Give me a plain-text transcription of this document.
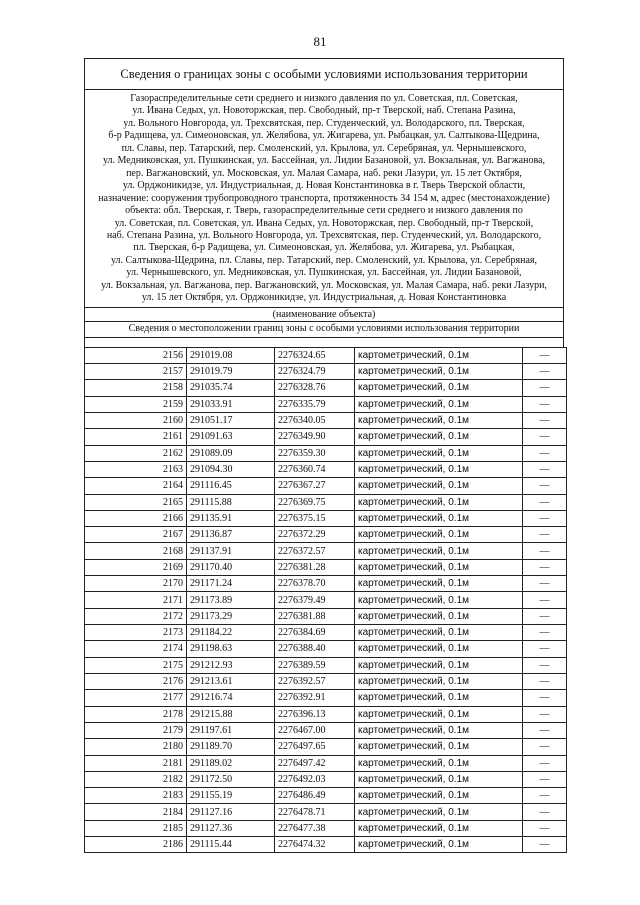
81
Сведения о границах зоны с особыми условиями использования территории
Газораспределительные сети среднего и низкого давления по ул. Советская, пл. Советская,
ул. Ивана Седых, ул. Новоторжская, пер. Свободный, пр-т Тверской, наб. Степана Разина,
ул. Вольного Новгорода, ул. Трехсвятская, пер. Студенческий, ул. Володарского, пл. Тверская,
б-р Радищева, ул. Симеоновская, ул. Желябова, ул. Жигарева, ул. Рыбацкая, ул. Салтыкова-Щедрина,
пл. Славы, пер. Татарский, пер. Смоленский, ул. Крылова, ул. Серебряная, ул. Чернышевского,
ул. Медниковская, ул. Пушкинская, ул. Бассейная, ул. Лидии Базановой, ул. Вокзальная, ул. Вагжанова,
пер. Вагжановский, ул. Московская, ул. Малая Самара, наб. реки Лазури, ул. 15 лет Октября,
ул. Орджоникидзе, ул. Индустриальная, д. Новая Константиновка в г. Тверь Тверской области,
назначение: сооружения трубопроводного транспорта, протяженность 34 154 м, адрес (местонахождение)
объекта: обл. Тверская, г. Тверь, газораспределительные сети среднего и низкого давления по
ул. Советская, пл. Советская, ул. Ивана Седых, ул. Новоторжская, пер. Свободный, пр-т Тверской,
наб. Степана Разина, ул. Вольного Новгорода, ул. Трехсвятская, пер. Студенческий, ул. Володарского,
пл. Тверская, б-р Радищева, ул. Симеоновская, ул. Желябова, ул. Жигарева, ул. Рыбацкая,
ул. Салтыкова-Щедрина, пл. Славы, пер. Татарский, пер. Смоленский, ул. Крылова, ул. Серебряная,
ул. Чернышевского, ул. Медниковская, ул. Пушкинская, ул. Бассейная, ул. Лидии Базановой,
ул. Вокзальная, ул. Вагжанова, пер. Вагжановский, ул. Московская, ул. Малая Самара, наб. реки Лазури,
ул. 15 лет Октября, ул. Орджоникидзе, ул. Индустриальная, д. Новая Константиновка
(наименование объекта)
Сведения о местоположении границ зоны с особыми условиями использования территории
2156	291019.08	2276324.65	картометрический, 0.1м	—
2157	291019.79	2276324.79	картометрический, 0.1м	—
2158	291035.74	2276328.76	картометрический, 0.1м	—
2159	291033.91	2276335.79	картометрический, 0.1м	—
2160	291051.17	2276340.05	картометрический, 0.1м	—
2161	291091.63	2276349.90	картометрический, 0.1м	—
2162	291089.09	2276359.30	картометрический, 0.1м	—
2163	291094.30	2276360.74	картометрический, 0.1м	—
2164	291116.45	2276367.27	картометрический, 0.1м	—
2165	291115.88	2276369.75	картометрический, 0.1м	—
2166	291135.91	2276375.15	картометрический, 0.1м	—
2167	291136.87	2276372.29	картометрический, 0.1м	—
2168	291137.91	2276372.57	картометрический, 0.1м	—
2169	291170.40	2276381.28	картометрический, 0.1м	—
2170	291171.24	2276378.70	картометрический, 0.1м	—
2171	291173.89	2276379.49	картометрический, 0.1м	—
2172	291173.29	2276381.88	картометрический, 0.1м	—
2173	291184.22	2276384.69	картометрический, 0.1м	—
2174	291198.63	2276388.40	картометрический, 0.1м	—
2175	291212.93	2276389.59	картометрический, 0.1м	—
2176	291213.61	2276392.57	картометрический, 0.1м	—
2177	291216.74	2276392.91	картометрический, 0.1м	—
2178	291215.88	2276396.13	картометрический, 0.1м	—
2179	291197.61	2276467.00	картометрический, 0.1м	—
2180	291189.70	2276497.65	картометрический, 0.1м	—
2181	291189.02	2276497.42	картометрический, 0.1м	—
2182	291172.50	2276492.03	картометрический, 0.1м	—
2183	291155.19	2276486.49	картометрический, 0.1м	—
2184	291127.16	2276478.71	картометрический, 0.1м	—
2185	291127.36	2276477.38	картометрический, 0.1м	—
2186	291115.44	2276474.32	картометрический, 0.1м	—
